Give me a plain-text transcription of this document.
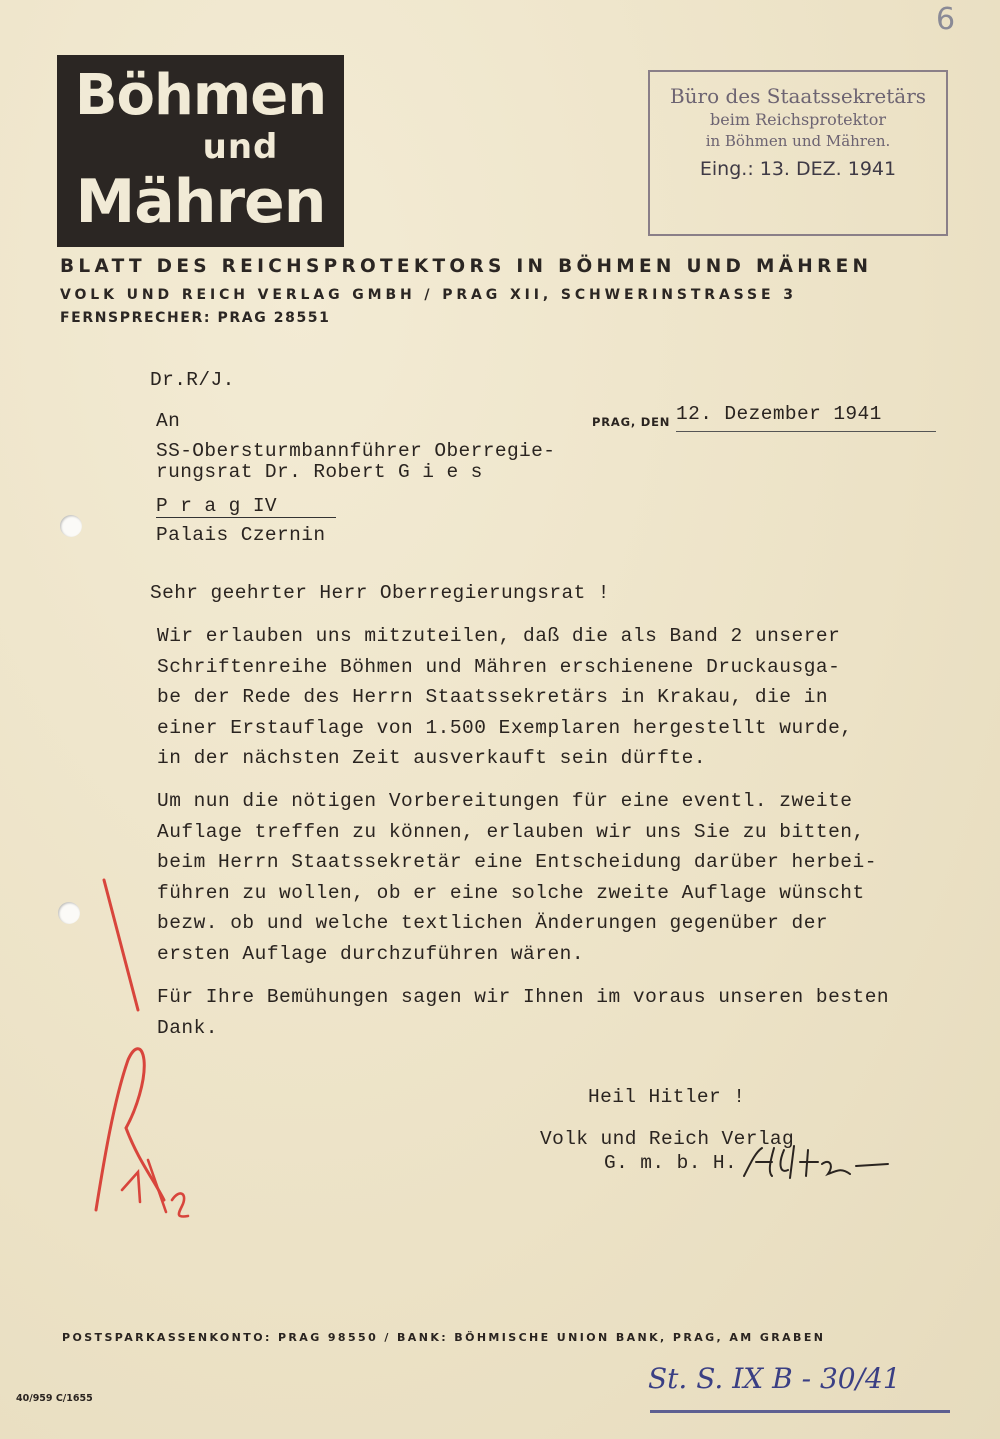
6
Böhmen
und
Mähren
BLATT DES REICHSPROTEKTORS IN BÖHMEN UND MÄHREN
VOLK UND REICH VERLAG GMBH / PRAG XII, SCHWERINSTRASSE 3
FERNSPRECHER: PRAG 28551
Büro des Staatssekretärs
beim Reichsprotektor
in Böhmen und Mähren.
Eing.: 13. DEZ. 1941
Dr.R/J.
An	PRAG, DEN 12. Dezember 1941
SS-Obersturmbannführer Oberregie-
rungsrat Dr. Robert G i e s
P r a g IV
Palais Czernin
Sehr geehrter Herr Oberregierungsrat !
Wir erlauben uns mitzuteilen, daß die als Band 2 unserer
Schriftenreihe Böhmen und Mähren erschienene Druckausga-
be der Rede des Herrn Staatssekretärs in Krakau, die in
einer Erstauflage von 1.500 Exemplaren hergestellt wurde,
in der nächsten Zeit ausverkauft sein dürfte.
Um nun die nötigen Vorbereitungen für eine eventl. zweite
Auflage treffen zu können, erlauben wir uns Sie zu bitten,
beim Herrn Staatssekretär eine Entscheidung darüber herbei-
führen zu wollen, ob er eine solche zweite Auflage wünscht
bezw. ob und welche textlichen Änderungen gegenüber der
ersten Auflage durchzuführen wären.
Für Ihre Bemühungen sagen wir Ihnen im voraus unseren besten
Dank.
Heil Hitler !
Volk und Reich Verlag
G. m. b. H.
POSTSPARKASSENKONTO: PRAG 98550 / BANK: BÖHMISCHE UNION BANK, PRAG, AM GRABEN
40/959 C/1655
St. S. IX B - 30/41
